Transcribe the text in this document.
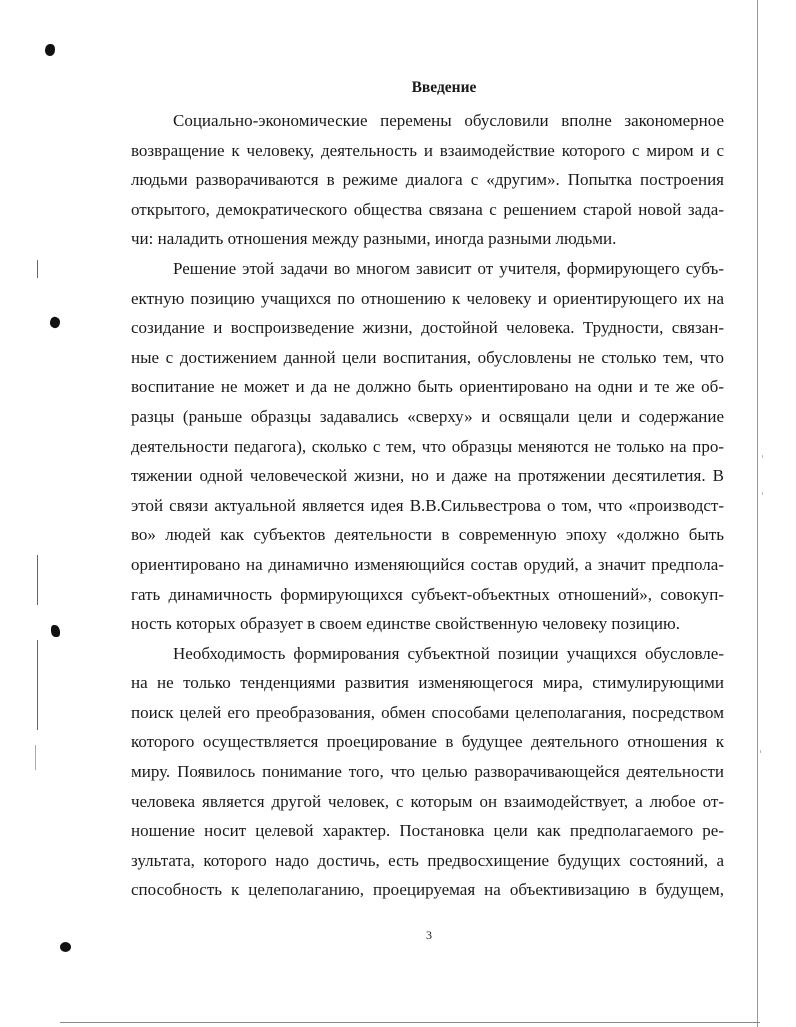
Введение
Социально-экономические перемены обусловили вполне закономерное
возвращение к человеку, деятельность и взаимодействие которого с миром и с
людьми разворачиваются в режиме диалога с «другим». Попытка построения
открытого, демократического общества связана с решением старой новой зада-
чи: наладить отношения между разными, иногда разными людьми.
Решение этой задачи во многом зависит от учителя, формирующего субъ-
ектную позицию учащихся по отношению к человеку и ориентирующего их на
созидание и воспроизведение жизни, достойной человека. Трудности, связан-
ные с достижением данной цели воспитания, обусловлены не столько тем, что
воспитание не может и да не должно быть ориентировано на одни и те же об-
разцы (раньше образцы задавались «сверху» и освящали цели и содержание
деятельности педагога), сколько с тем, что образцы меняются не только на про-
тяжении одной человеческой жизни, но и даже на протяжении десятилетия. В
этой связи актуальной является идея В.В.Сильвестрова о том, что «производст-
во» людей как субъектов деятельности в современную эпоху «должно быть
ориентировано на динамично изменяющийся состав орудий, а значит предпола-
гать динамичность формирующихся субъект-объектных отношений», совокуп-
ность которых образует в своем единстве свойственную человеку позицию.
Необходимость формирования субъектной позиции учащихся обусловле-
на не только тенденциями развития изменяющегося мира, стимулирующими
поиск целей его преобразования, обмен способами целеполагания, посредством
которого осуществляется проецирование в будущее деятельного отношения к
миру. Появилось понимание того, что целью разворачивающейся деятельности
человека является другой человек, с которым он взаимодействует, а любое от-
ношение носит целевой характер. Постановка цели как предполагаемого ре-
зультата, которого надо достичь, есть предвосхищение будущих состояний, а
способность к целеполаганию, проецируемая на объективизацию в будущем,
3
